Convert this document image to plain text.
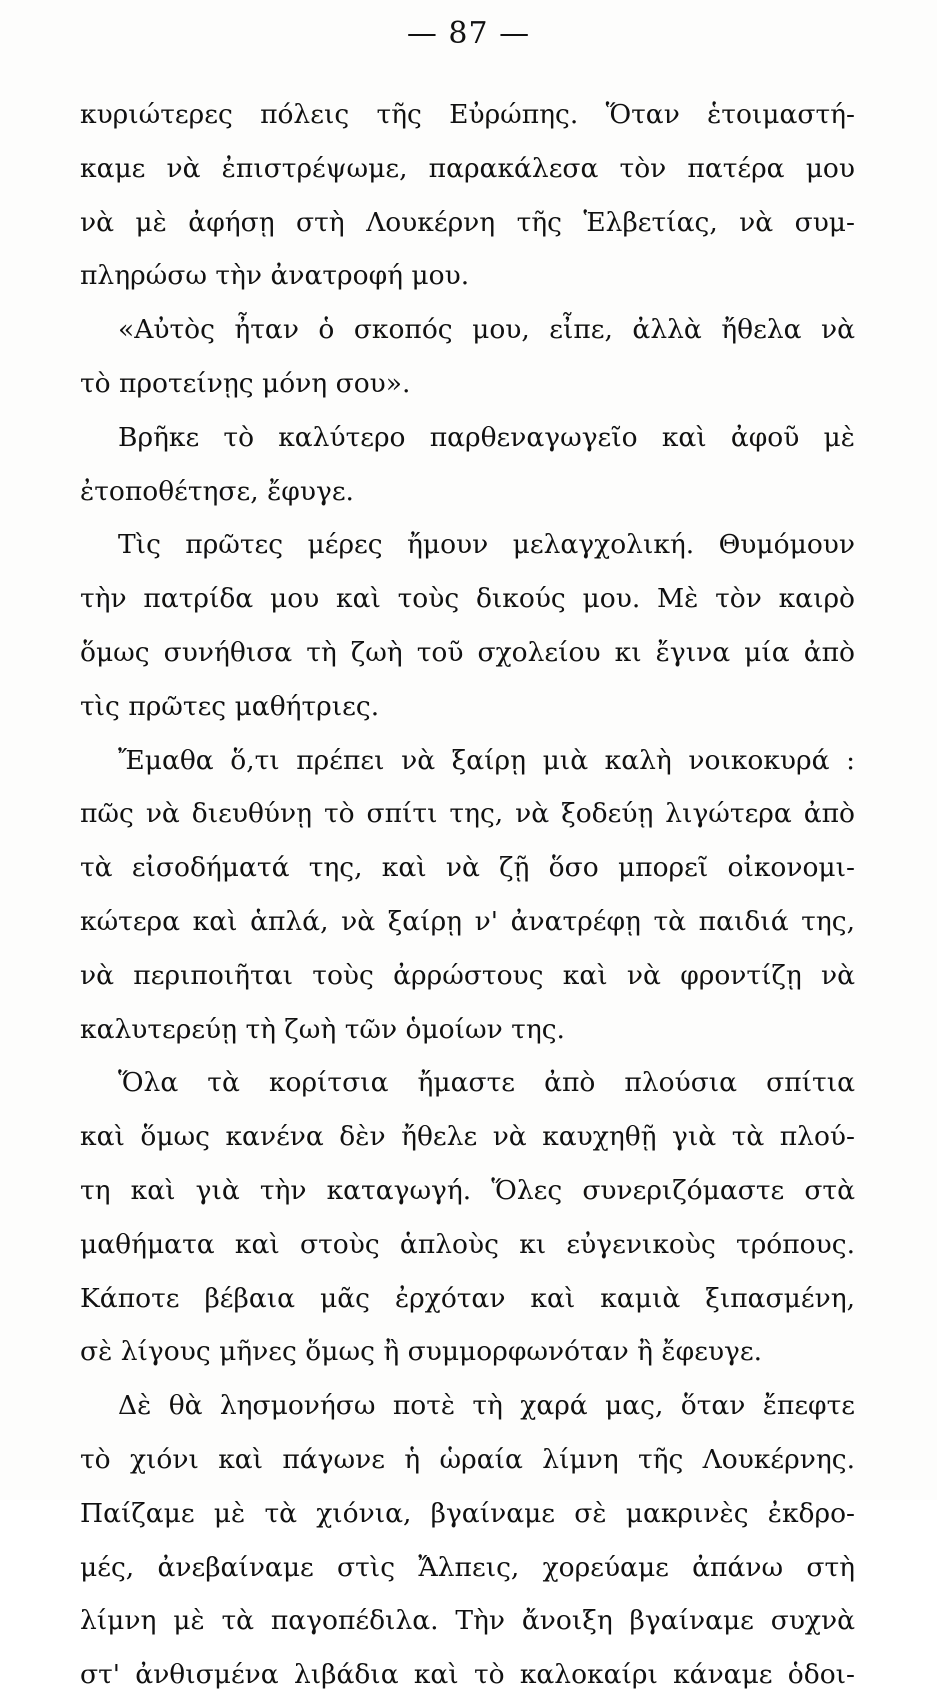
— 87 —
κυριώτερες πόλεις τῆς Εὐρώπης. Ὅταν ἑτοιμαστή-
καμε νὰ ἐπιστρέψωμε, παρακάλεσα τὸν πατέρα μου
νὰ μὲ ἀφήσῃ στὴ Λουκέρνη τῆς Ἑλβετίας, νὰ συμ-
πληρώσω τὴν ἀνατροφή μου.
«Αὐτὸς ἦταν ὁ σκοπός μου, εἶπε, ἀλλὰ ἤθελα νὰ
τὸ προτείνῃς μόνη σου».
Βρῆκε τὸ καλύτερο παρθεναγωγεῖο καὶ ἀφοῦ μὲ
ἐτοποθέτησε, ἔφυγε.
Τὶς πρῶτες μέρες ἤμουν μελαγχολική. Θυμόμουν
τὴν πατρίδα μου καὶ τοὺς δικούς μου. Μὲ τὸν καιρὸ
ὅμως συνήθισα τὴ ζωὴ τοῦ σχολείου κι ἔγινα μία ἀπὸ
τὶς πρῶτες μαθήτριες.
Ἔμαθα ὅ,τι πρέπει νὰ ξαίρῃ μιὰ καλὴ νοικοκυρά :
πῶς νὰ διευθύνῃ τὸ σπίτι της, νὰ ξοδεύῃ λιγώτερα ἀπὸ
τὰ εἰσοδήματά της, καὶ νὰ ζῇ ὅσο μπορεῖ οἰκονομι-
κώτερα καὶ ἁπλά, νὰ ξαίρῃ ν' ἀνατρέφῃ τὰ παιδιά της,
νὰ περιποιῆται τοὺς ἀρρώστους καὶ νὰ φροντίζῃ νὰ
καλυτερεύῃ τὴ ζωὴ τῶν ὁμοίων της.
Ὅλα τὰ κορίτσια ἤμαστε ἀπὸ πλούσια σπίτια
καὶ ὅμως κανένα δὲν ἤθελε νὰ καυχηθῇ γιὰ τὰ πλού-
τη καὶ γιὰ τὴν καταγωγή. Ὅλες συνεριζόμαστε στὰ
μαθήματα καὶ στοὺς ἁπλοὺς κι εὐγενικοὺς τρόπους.
Κάποτε βέβαια μᾶς ἐρχόταν καὶ καμιὰ ξιπασμένη,
σὲ λίγους μῆνες ὅμως ἢ συμμορφωνόταν ἢ ἔφευγε.
Δὲ θὰ λησμονήσω ποτὲ τὴ χαρά μας, ὅταν ἔπεφτε
τὸ χιόνι καὶ πάγωνε ἡ ὡραία λίμνη τῆς Λουκέρνης.
Παίζαμε μὲ τὰ χιόνια, βγαίναμε σὲ μακρινὲς ἐκδρο-
μές, ἀνεβαίναμε στὶς Ἄλπεις, χορεύαμε ἀπάνω στὴ
λίμνη μὲ τὰ παγοπέδιλα. Τὴν ἄνοιξη βγαίναμε συχνὰ
στ' ἀνθισμένα λιβάδια καὶ τὸ καλοκαίρι κάναμε ὁδοι-
